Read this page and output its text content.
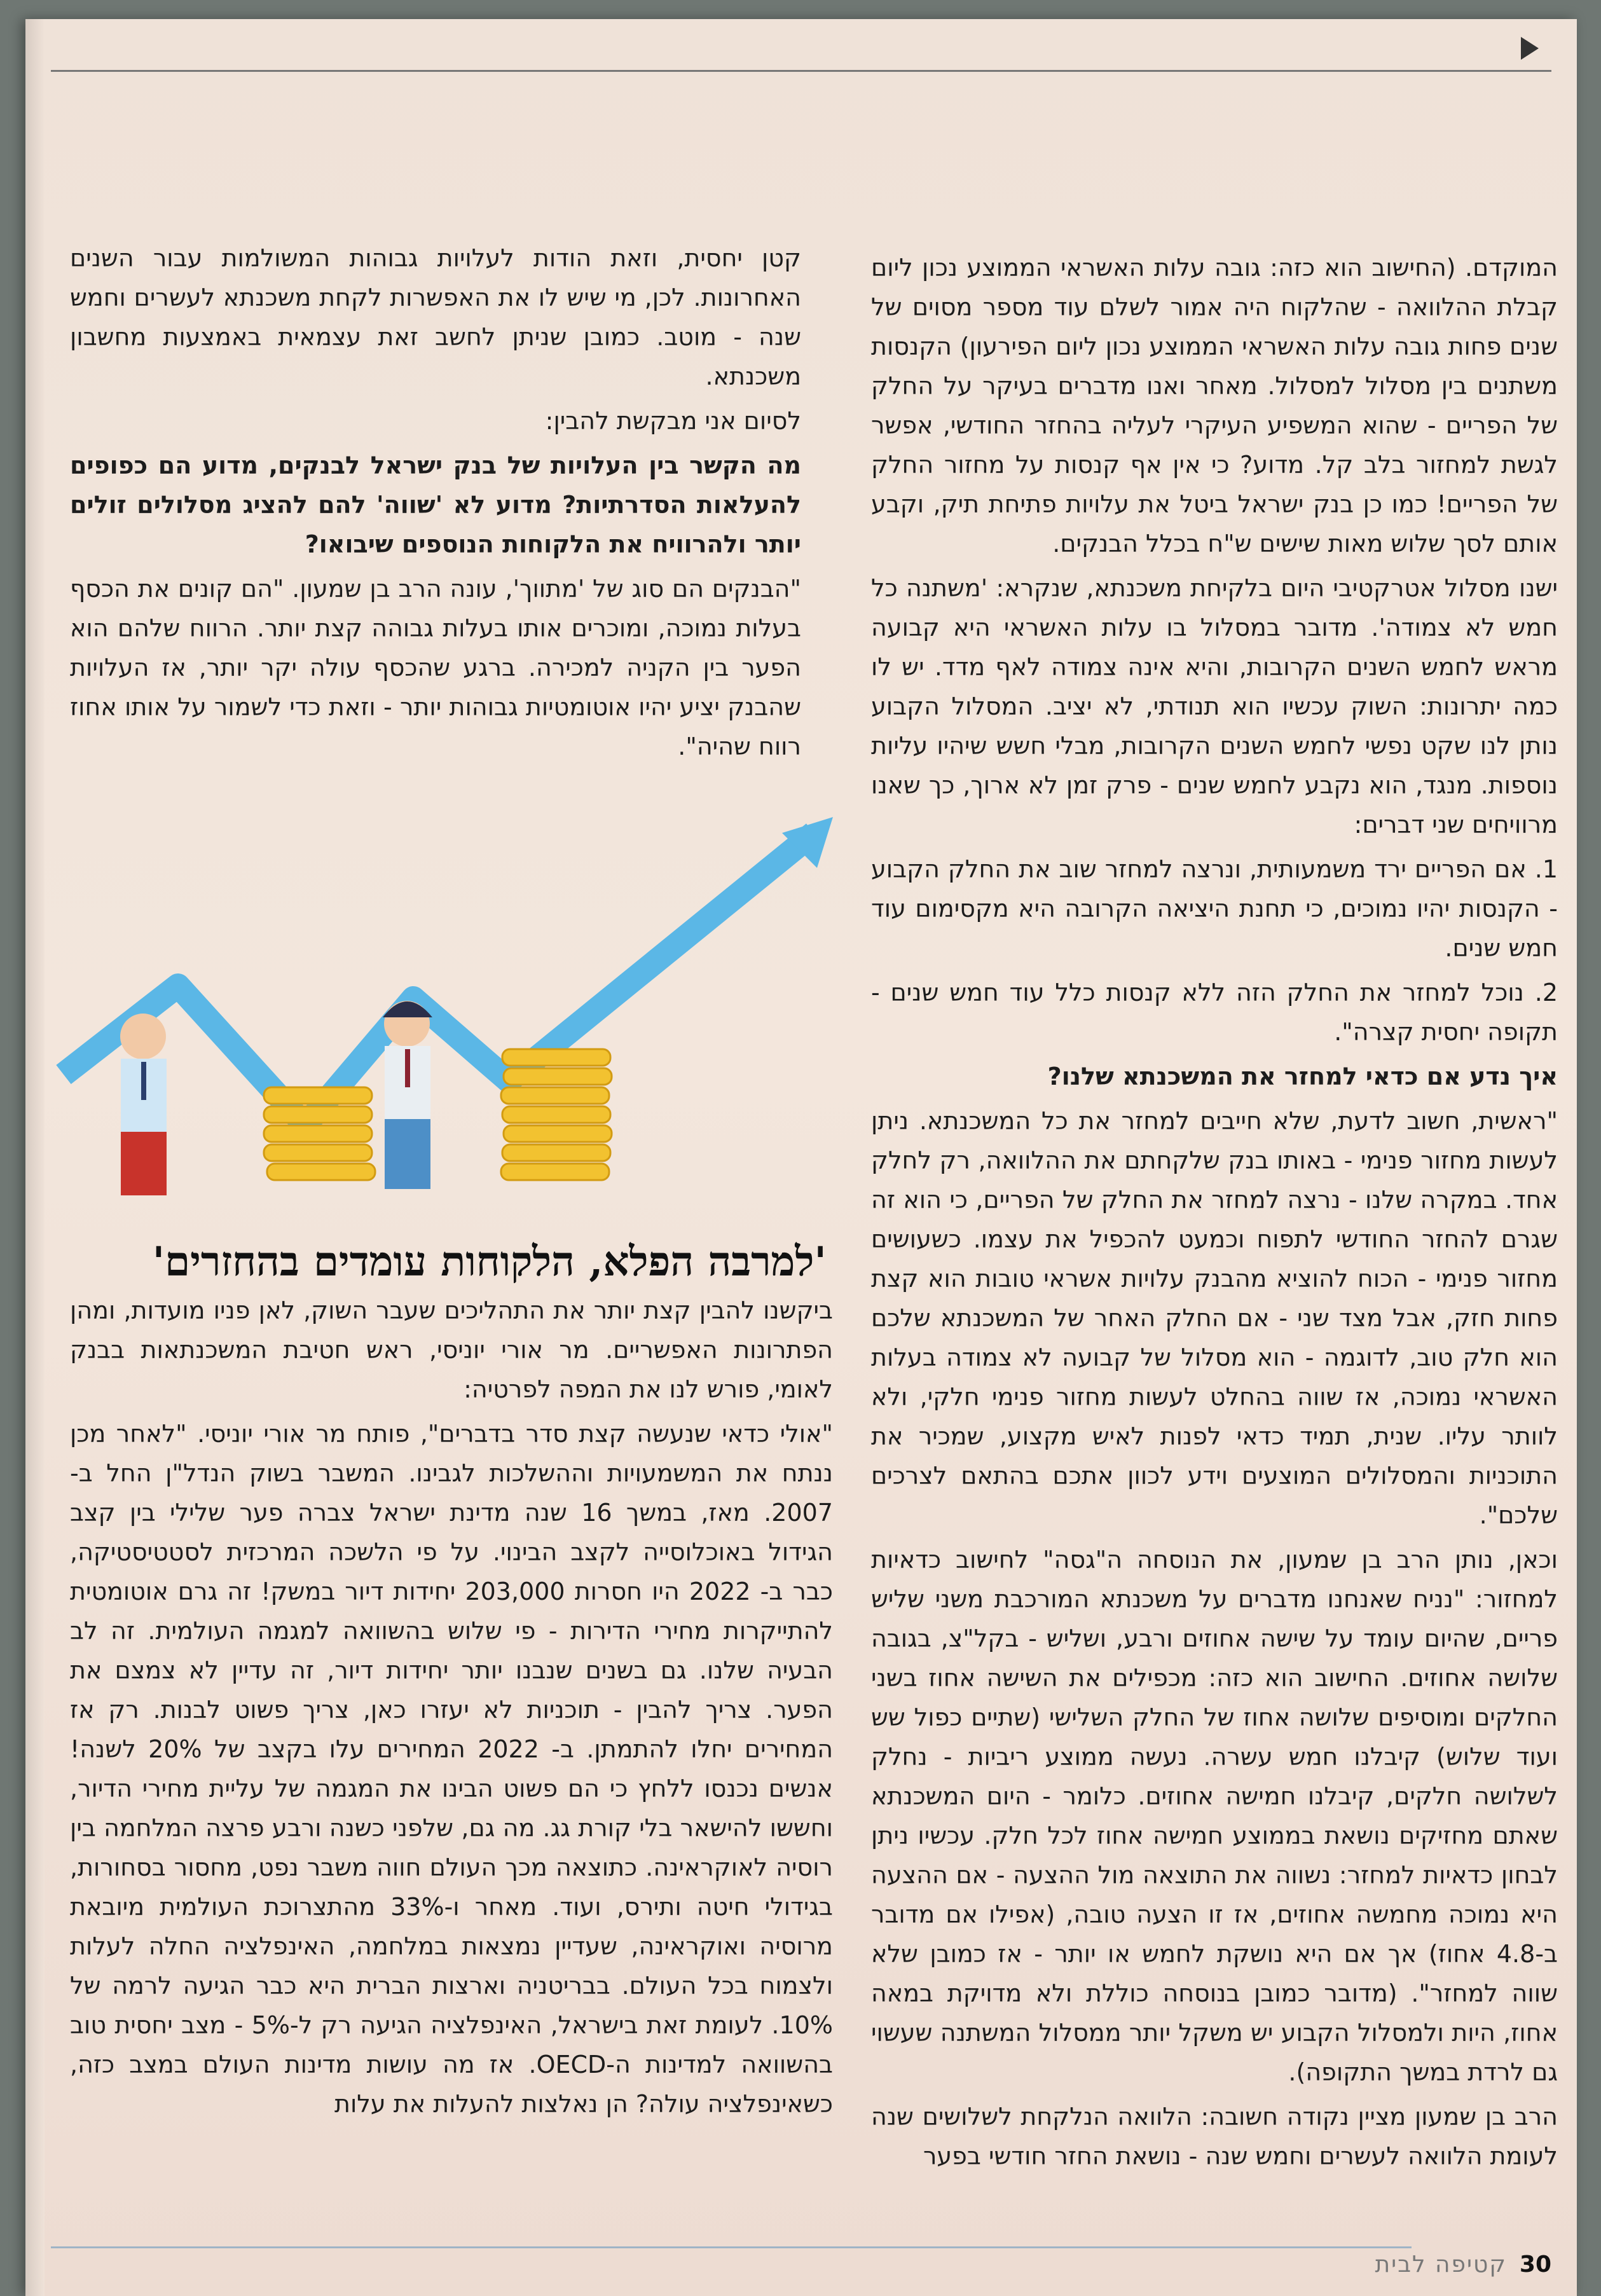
המוקדם. (החישוב הוא כזה: גובה עלות האשראי הממוצע נכון ליום קבלת ההלוואה - שהלקוח היה אמור לשלם עוד מספר מסוים של שנים פחות גובה עלות האשראי הממוצע נכון ליום הפירעון) הקנסות משתנים בין מסלול למסלול. מאחר ואנו מדברים בעיקר על החלק של הפריים - שהוא המשפיע העיקרי לעליה בהחזר החודשי, אפשר לגשת למחזור בלב קל. מדוע? כי אין אף קנסות על מחזור החלק של הפריים! כמו כן בנק ישראל ביטל את עלויות פתיחת תיק, וקבע אותם לסך שלוש מאות שישים ש"ח בכלל הבנקים.

ישנו מסלול אטרקטיבי היום בלקיחת משכנתא, שנקרא: 'משתנה כל חמש לא צמודה'. מדובר במסלול בו עלות האשראי היא קבועה מראש לחמש השנים הקרובות, והיא אינה צמודה לאף מדד. יש לו כמה יתרונות: השוק עכשיו הוא תנודתי, לא יציב. המסלול הקבוע נותן לנו שקט נפשי לחמש השנים הקרובות, מבלי חשש שיהיו עליות נוספות. מנגד, הוא נקבע לחמש שנים - פרק זמן לא ארוך, כך שאנו מרוויחים שני דברים:

1. אם הפריים ירד משמעותית, ונרצה למחזר שוב את החלק הקבוע - הקנסות יהיו נמוכים, כי תחנת היציאה הקרובה היא מקסימום עוד חמש שנים.

2. נוכל למחזר את החלק הזה ללא קנסות כלל עוד חמש שנים - תקופה יחסית קצרה".

איך נדע אם כדאי למחזר את המשכנתא שלנו?

"ראשית, חשוב לדעת, שלא חייבים למחזר את כל המשכנתא. ניתן לעשות מחזור פנימי - באותו בנק שלקחתם את ההלוואה, רק לחלק אחד. במקרה שלנו - נרצה למחזר את החלק של הפריים, כי הוא זה שגרם להחזר החודשי לתפוח וכמעט להכפיל את עצמו. כשעושים מחזור פנימי - הכוח להוציא מהבנק עלויות אשראי טובות הוא קצת פחות חזק, אבל מצד שני - אם החלק האחר של המשכנתא שלכם הוא חלק טוב, לדוגמה - הוא מסלול של קבועה לא צמודה בעלות האשראי נמוכה, אז שווה בהחלט לעשות מחזור פנימי חלקי, ולא לוותר עליו. שנית, תמיד כדאי לפנות לאיש מקצוע, שמכיר את התוכניות והמסלולים המוצעים וידע לכוון אתכם בהתאם לצרכים שלכם".

וכאן, נותן הרב בן שמעון, את הנוסחה ה"גסה" לחישוב כדאיות למחזור: "נניח שאנחנו מדברים על משכנתא המורכבת משני שליש פריים, שהיום עומד על שישה אחוזים ורבע, ושליש - בקל"צ, בגובה שלושה אחוזים. החישוב הוא כזה: מכפילים את השישה אחוז בשני החלקים ומוסיפים שלושה אחוז של החלק השלישי (שתיים כפול שש ועוד שלוש) קיבלנו חמש עשרה. נעשה ממוצע ריביות - נחלק לשלושה חלקים, קיבלנו חמישה אחוזים. כלומר - היום המשכנתא שאתם מחזיקים נושאת בממוצע חמישה אחוז לכל חלק. עכשיו ניתן לבחון כדאיות למחזר: נשווה את התוצאה מול ההצעה - אם ההצעה היא נמוכה מחמשה אחוזים, אז זו הצעה טובה, (אפילו אם מדובר ב-4.8 אחוז) אך אם היא נושקת לחמש או יותר - אז כמובן שלא שווה למחזר". (מדובר כמובן בנוסחה כוללת ולא מדויקת במאה אחוז, היות ולמסלול הקבוע יש משקל יותר ממסלול המשתנה שעשוי גם לרדת במשך התקופה).

הרב בן שמעון מציין נקודה חשובה: הלוואה הנלקחת לשלושים שנה לעומת הלוואה לעשרים וחמש שנה - נושאת החזר חודשי בפער

קטן יחסית, וזאת הודות לעלויות גבוהות המשולמות עבור השנים האחרונות. לכן, מי שיש לו את האפשרות לקחת משכנתא לעשרים וחמש שנה - מוטב. כמובן שניתן לחשב זאת עצמאית באמצעות מחשבון משכנתא.

לסיום אני מבקשת להבין:

מה הקשר בין העלויות של בנק ישראל לבנקים, מדוע הם כפופים להעלאות הסדרתיות? מדוע לא 'שווה' להם להציג מסלולים זולים יותר ולהרוויח את הלקוחות הנוספים שיבואו?

"הבנקים הם סוג של 'מתווך', עונה הרב בן שמעון. "הם קונים את הכסף בעלות נמוכה, ומוכרים אותו בעלות גבוהה קצת יותר. הרווח שלהם הוא הפער בין הקניה למכירה. ברגע שהכסף עולה יקר יותר, אז העלויות שהבנק יציע יהיו אוטומטיות גבוהות יותר - וזאת כדי לשמור על אותו אחוז רווח שהיה".

'למרבה הפלא, הלקוחות עומדים בהחזרים'

ביקשנו להבין קצת יותר את התהליכים שעבר השוק, לאן פניו מועדות, ומהן הפתרונות האפשריים. מר אורי יוניסי, ראש חטיבת המשכנתאות בבנק לאומי, פורש לנו את המפה לפרטיה:

"אולי כדאי שנעשה קצת סדר בדברים", פותח מר אורי יוניסי. "לאחר מכן ננתח את המשמעויות וההשלכות לגבינו. המשבר בשוק הנדל"ן החל ב- 2007. מאז, במשך 16 שנה מדינת ישראל צברה פער שלילי בין קצב הגידול באוכלוסייה לקצב הבינוי. על פי הלשכה המרכזית לסטטיסטיקה, כבר ב- 2022 היו חסרות 203,000 יחידות דיור במשק! זה גרם אוטומטית להתייקרות מחירי הדירות - פי שלוש בהשוואה למגמה העולמית. זה לב הבעיה שלנו. גם בשנים שנבנו יותר יחידות דיור, זה עדיין לא צמצם את הפער. צריך להבין - תוכניות לא יעזרו כאן, צריך פשוט לבנות. רק אז המחירים יחלו להתמתן. ב- 2022 המחירים עלו בקצב של 20% לשנה! אנשים נכנסו ללחץ כי הם פשוט הבינו את המגמה של עליית מחירי הדיור, וחששו להישאר בלי קורת גג. מה גם, שלפני כשנה ורבע פרצה המלחמה בין רוסיה לאוקראינה. כתוצאה מכך העולם חווה משבר נפט, מחסור בסחורות, בגידולי חיטה ותירס, ועוד. מאחר ו-33% מהתצרוכת העולמית מיובאת מרוסיה ואוקראינה, שעדיין נמצאות במלחמה, האינפלציה החלה לעלות ולצמוח בכל העולם. בבריטניה וארצות הברית היא כבר הגיעה לרמה של 10%. לעומת זאת בישראל, האינפלציה הגיעה רק ל-5% - מצב יחסית טוב בהשוואה למדינות ה-OECD. אז מה עושות מדינות העולם במצב כזה, כשאינפלציה עולה? הן נאלצות להעלות את עלות

30
קטיפה לבית
